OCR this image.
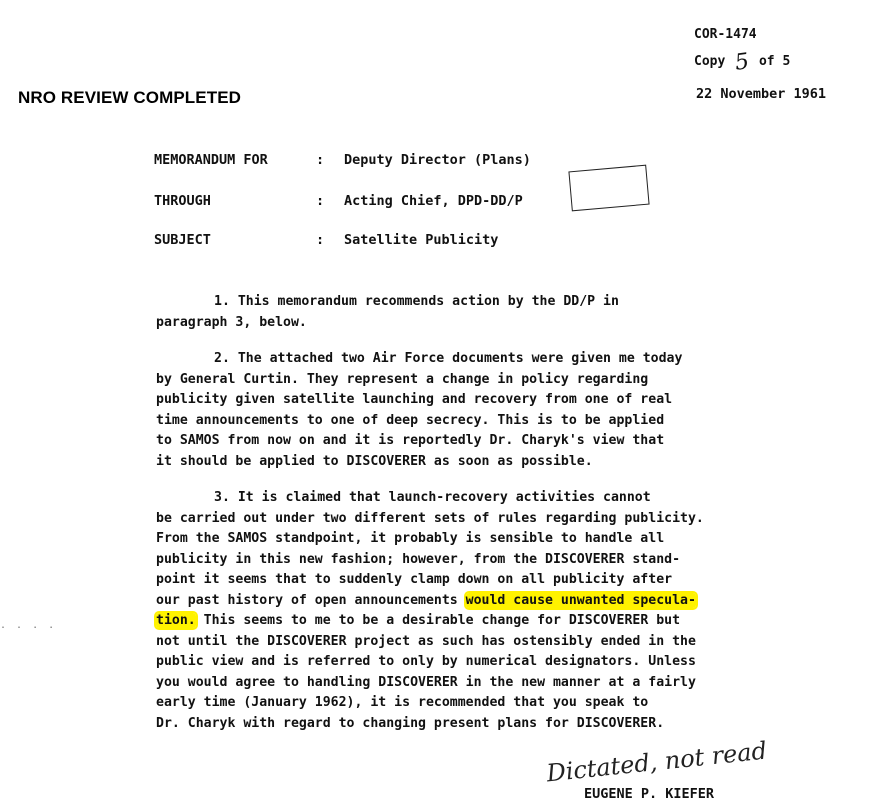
NRO REVIEW COMPLETED
COR-1474
Copy 5 of 5
22 November 1961
MEMORANDUM FOR	: Deputy Director (Plans)
THROUGH	: Acting Chief, DPD-DD/P
SUBJECT	: Satellite Publicity
1. This memorandum recommends action by the DD/P in
paragraph 3, below.
2. The attached two Air Force documents were given me today
by General Curtin. They represent a change in policy regarding
publicity given satellite launching and recovery from one of real
time announcements to one of deep secrecy. This is to be applied
to SAMOS from now on and it is reportedly Dr. Charyk's view that
it should be applied to DISCOVERER as soon as possible.
3. It is claimed that launch-recovery activities cannot
be carried out under two different sets of rules regarding publicity.
From the SAMOS standpoint, it probably is sensible to handle all
publicity in this new fashion; however, from the DISCOVERER stand-
point it seems that to suddenly clamp down on all publicity after
our past history of open announcements would cause unwanted specula-
tion. This seems to me to be a desirable change for DISCOVERER but
not until the DISCOVERER project as such has ostensibly ended in the
public view and is referred to only by numerical designators. Unless
you would agree to handling DISCOVERER in the new manner at a fairly
early time (January 1962), it is recommended that you speak to
Dr. Charyk with regard to changing present plans for DISCOVERER.
. . . .
Dictated, not read
EUGENE P. KIEFER
